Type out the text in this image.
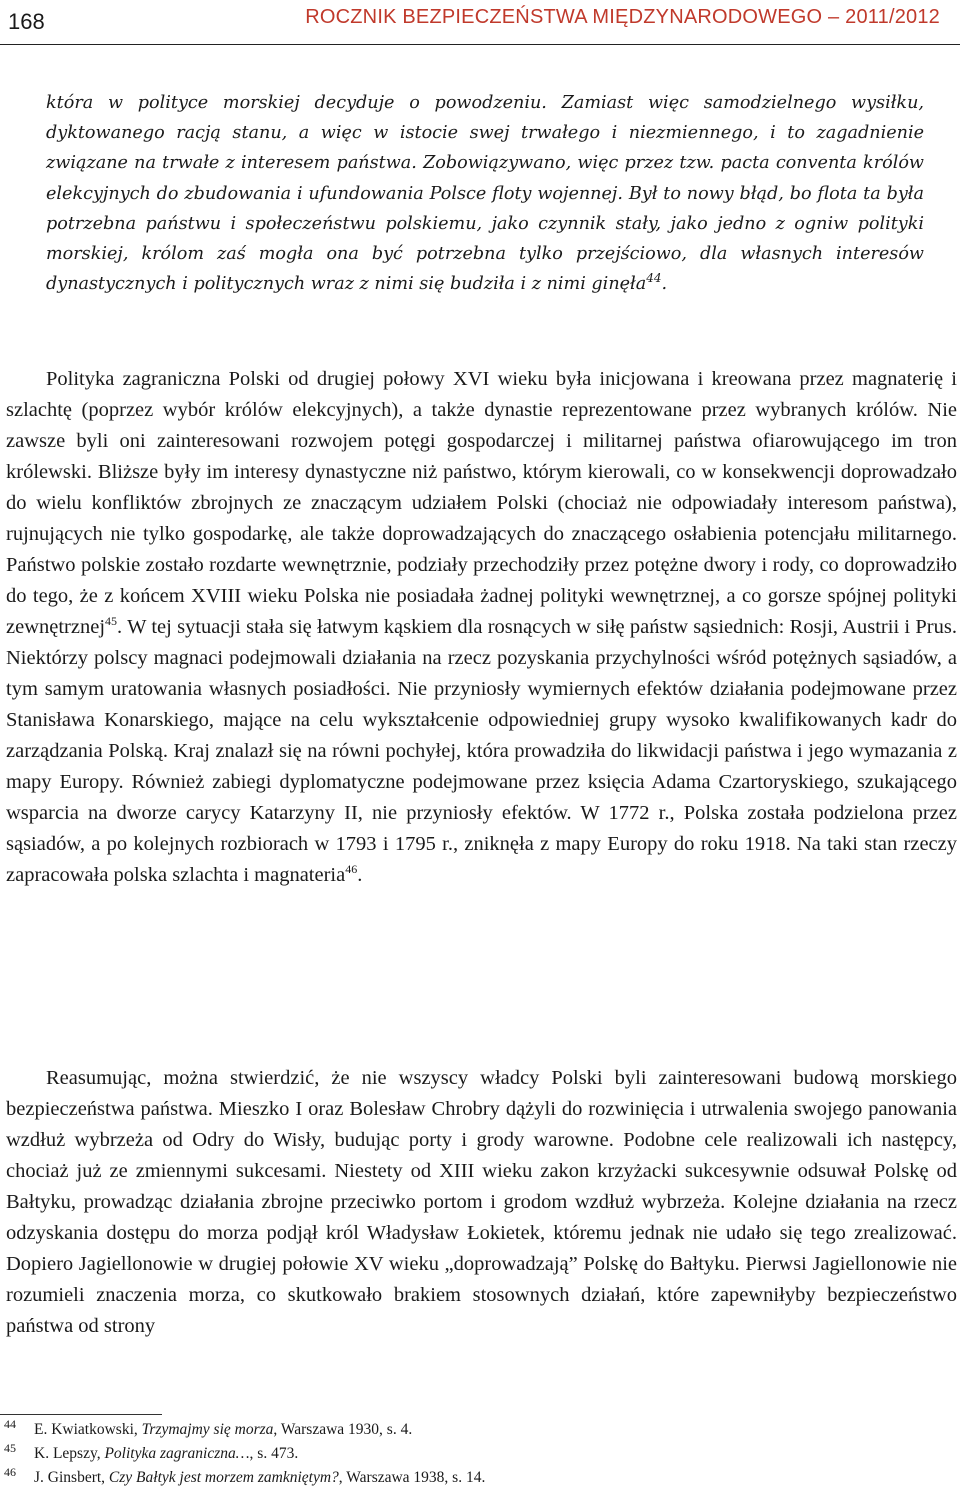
168	ROCZNIK BEZPIECZEŃSTWA MIĘDZYNARODOWEGO – 2011/2012
która w polityce morskiej decyduje o powodzeniu. Zamiast więc samodzielnego wysiłku, dyktowanego racją stanu, a więc w istocie swej trwałego i niezmiennego, i to zagadnienie związane na trwałe z interesem państwa. Zobowiązywano, więc przez tzw. pacta conventa królów elekcyjnych do zbudowania i ufundowania Polsce floty wojennej. Był to nowy błąd, bo flota ta była potrzebna państwu i społeczeństwu polskiemu, jako czynnik stały, jako jedno z ogniw polityki morskiej, królom zaś mogła ona być potrzebna tylko przejściowo, dla własnych interesów dynastycznych i politycznych wraz z nimi się budziła i z nimi ginęła$^{44}$.

Polityka zagraniczna Polski od drugiej połowy XVI wieku była inicjowana i kreowana przez magnaterię i szlachtę (poprzez wybór królów elekcyjnych), a także dynastie reprezentowane przez wybranych królów. Nie zawsze byli oni zainteresowani rozwojem potęgi gospodarczej i militarnej państwa ofiarowującego im tron królewski. Bliższe były im interesy dynastyczne niż państwo, którym kierowali, co w konsekwencji doprowadzało do wielu konfliktów zbrojnych ze znaczącym udziałem Polski (chociaż nie odpowiadały interesom państwa), rujnujących nie tylko gospodarkę, ale także doprowadzających do znaczącego osłabienia potencjału militarnego. Państwo polskie zostało rozdarte wewnętrznie, podziały przechodziły przez potężne dwory i rody, co doprowadziło do tego, że z końcem XVIII wieku Polska nie posiadała żadnej polityki wewnętrznej, a co gorsze spójnej polityki zewnętrznej$^{45}$. W tej sytuacji stała się łatwym kąskiem dla rosnących w siłę państw sąsiednich: Rosji, Austrii i Prus. Niektórzy polscy magnaci podejmowali działania na rzecz pozyskania przychylności wśród potężnych sąsiadów, a tym samym uratowania własnych posiadłości. Nie przyniosły wymiernych efektów działania podejmowane przez Stanisława Konarskiego, mające na celu wykształcenie odpowiedniej grupy wysoko kwalifikowanych kadr do zarządzania Polską. Kraj znalazł się na równi pochyłej, która prowadziła do likwidacji państwa i jego wymazania z mapy Europy. Również zabiegi dyplomatyczne podejmowane przez księcia Adama Czartoryskiego, szukającego wsparcia na dworze carycy Katarzyny II, nie przyniosły efektów. W 1772 r., Polska została podzielona przez sąsiadów, a po kolejnych rozbiorach w 1793 i 1795 r., zniknęła z mapy Europy do roku 1918. Na taki stan rzeczy zapracowała polska szlachta i magnateria$^{46}$.

Reasumując, można stwierdzić, że nie wszyscy władcy Polski byli zainteresowani budową morskiego bezpieczeństwa państwa. Mieszko I oraz Bolesław Chrobry dążyli do rozwinięcia i utrwalenia swojego panowania wzdłuż wybrzeża od Odry do Wisły, budując porty i grody warowne. Podobne cele realizowali ich następcy, chociaż już ze zmiennymi sukcesami. Niestety od XIII wieku zakon krzyżacki sukcesywnie odsuwał Polskę od Bałtyku, prowadząc działania zbrojne przeciwko portom i grodom wzdłuż wybrzeża. Kolejne działania na rzecz odzyskania dostępu do morza podjął król Władysław Łokietek, któremu jednak nie udało się tego zrealizować. Dopiero Jagiellonowie w drugiej połowie XV wieku „doprowadzają” Polskę do Bałtyku. Pierwsi Jagiellonowie nie rozumieli znaczenia morza, co skutkowało brakiem stosownych działań, które zapewniłyby bezpieczeństwo państwa od strony

44	E. Kwiatkowski, Trzymajmy się morza, Warszawa 1930, s. 4.
45	K. Lepszy, Polityka zagraniczna…, s. 473.
46	J. Ginsbert, Czy Bałtyk jest morzem zamkniętym?, Warszawa 1938, s. 14.
